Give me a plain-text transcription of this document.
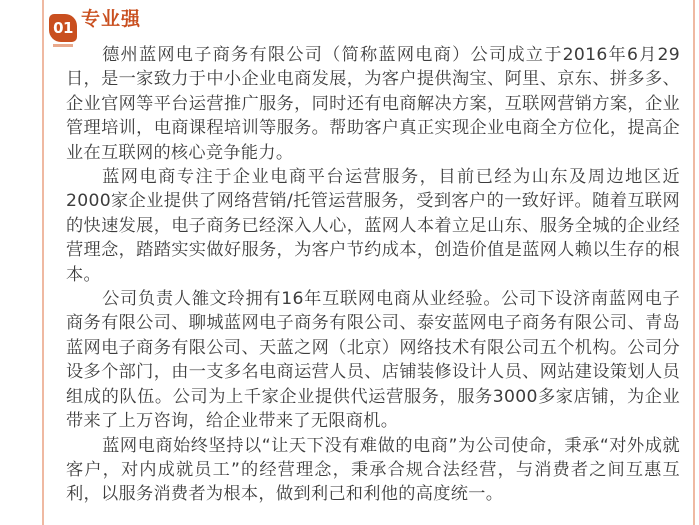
01 专业强

德州蓝网电子商务有限公司（简称蓝网电商）公司成立于2016年6月29日，是一家致力于中小企业电商发展，为客户提供淘宝、阿里、京东、拼多多、企业官网等平台运营推广服务，同时还有电商解决方案，互联网营销方案，企业管理培训，电商课程培训等服务。帮助客户真正实现企业电商全方位化，提高企业在互联网的核心竞争能力。

蓝网电商专注于企业电商平台运营服务，目前已经为山东及周边地区近2000家企业提供了网络营销/托管运营服务，受到客户的一致好评。随着互联网的快速发展，电子商务已经深入人心，蓝网人本着立足山东、服务全城的企业经营理念，踏踏实实做好服务，为客户节约成本，创造价值是蓝网人赖以生存的根本。

公司负责人雒文玲拥有16年互联网电商从业经验。公司下设济南蓝网电子商务有限公司、聊城蓝网电子商务有限公司、泰安蓝网电子商务有限公司、青岛蓝网电子商务有限公司、天蓝之网（北京）网络技术有限公司五个机构。公司分设多个部门，由一支多名电商运营人员、店铺装修设计人员、网站建设策划人员组成的队伍。公司为上千家企业提供代运营服务，服务3000多家店铺，为企业带来了上万咨询，给企业带来了无限商机。

蓝网电商始终坚持以“让天下没有难做的电商”为公司使命，秉承“对外成就客户，对内成就员工”的经营理念，秉承合规合法经营，与消费者之间互惠互利，以服务消费者为根本，做到利己和利他的高度统一。
